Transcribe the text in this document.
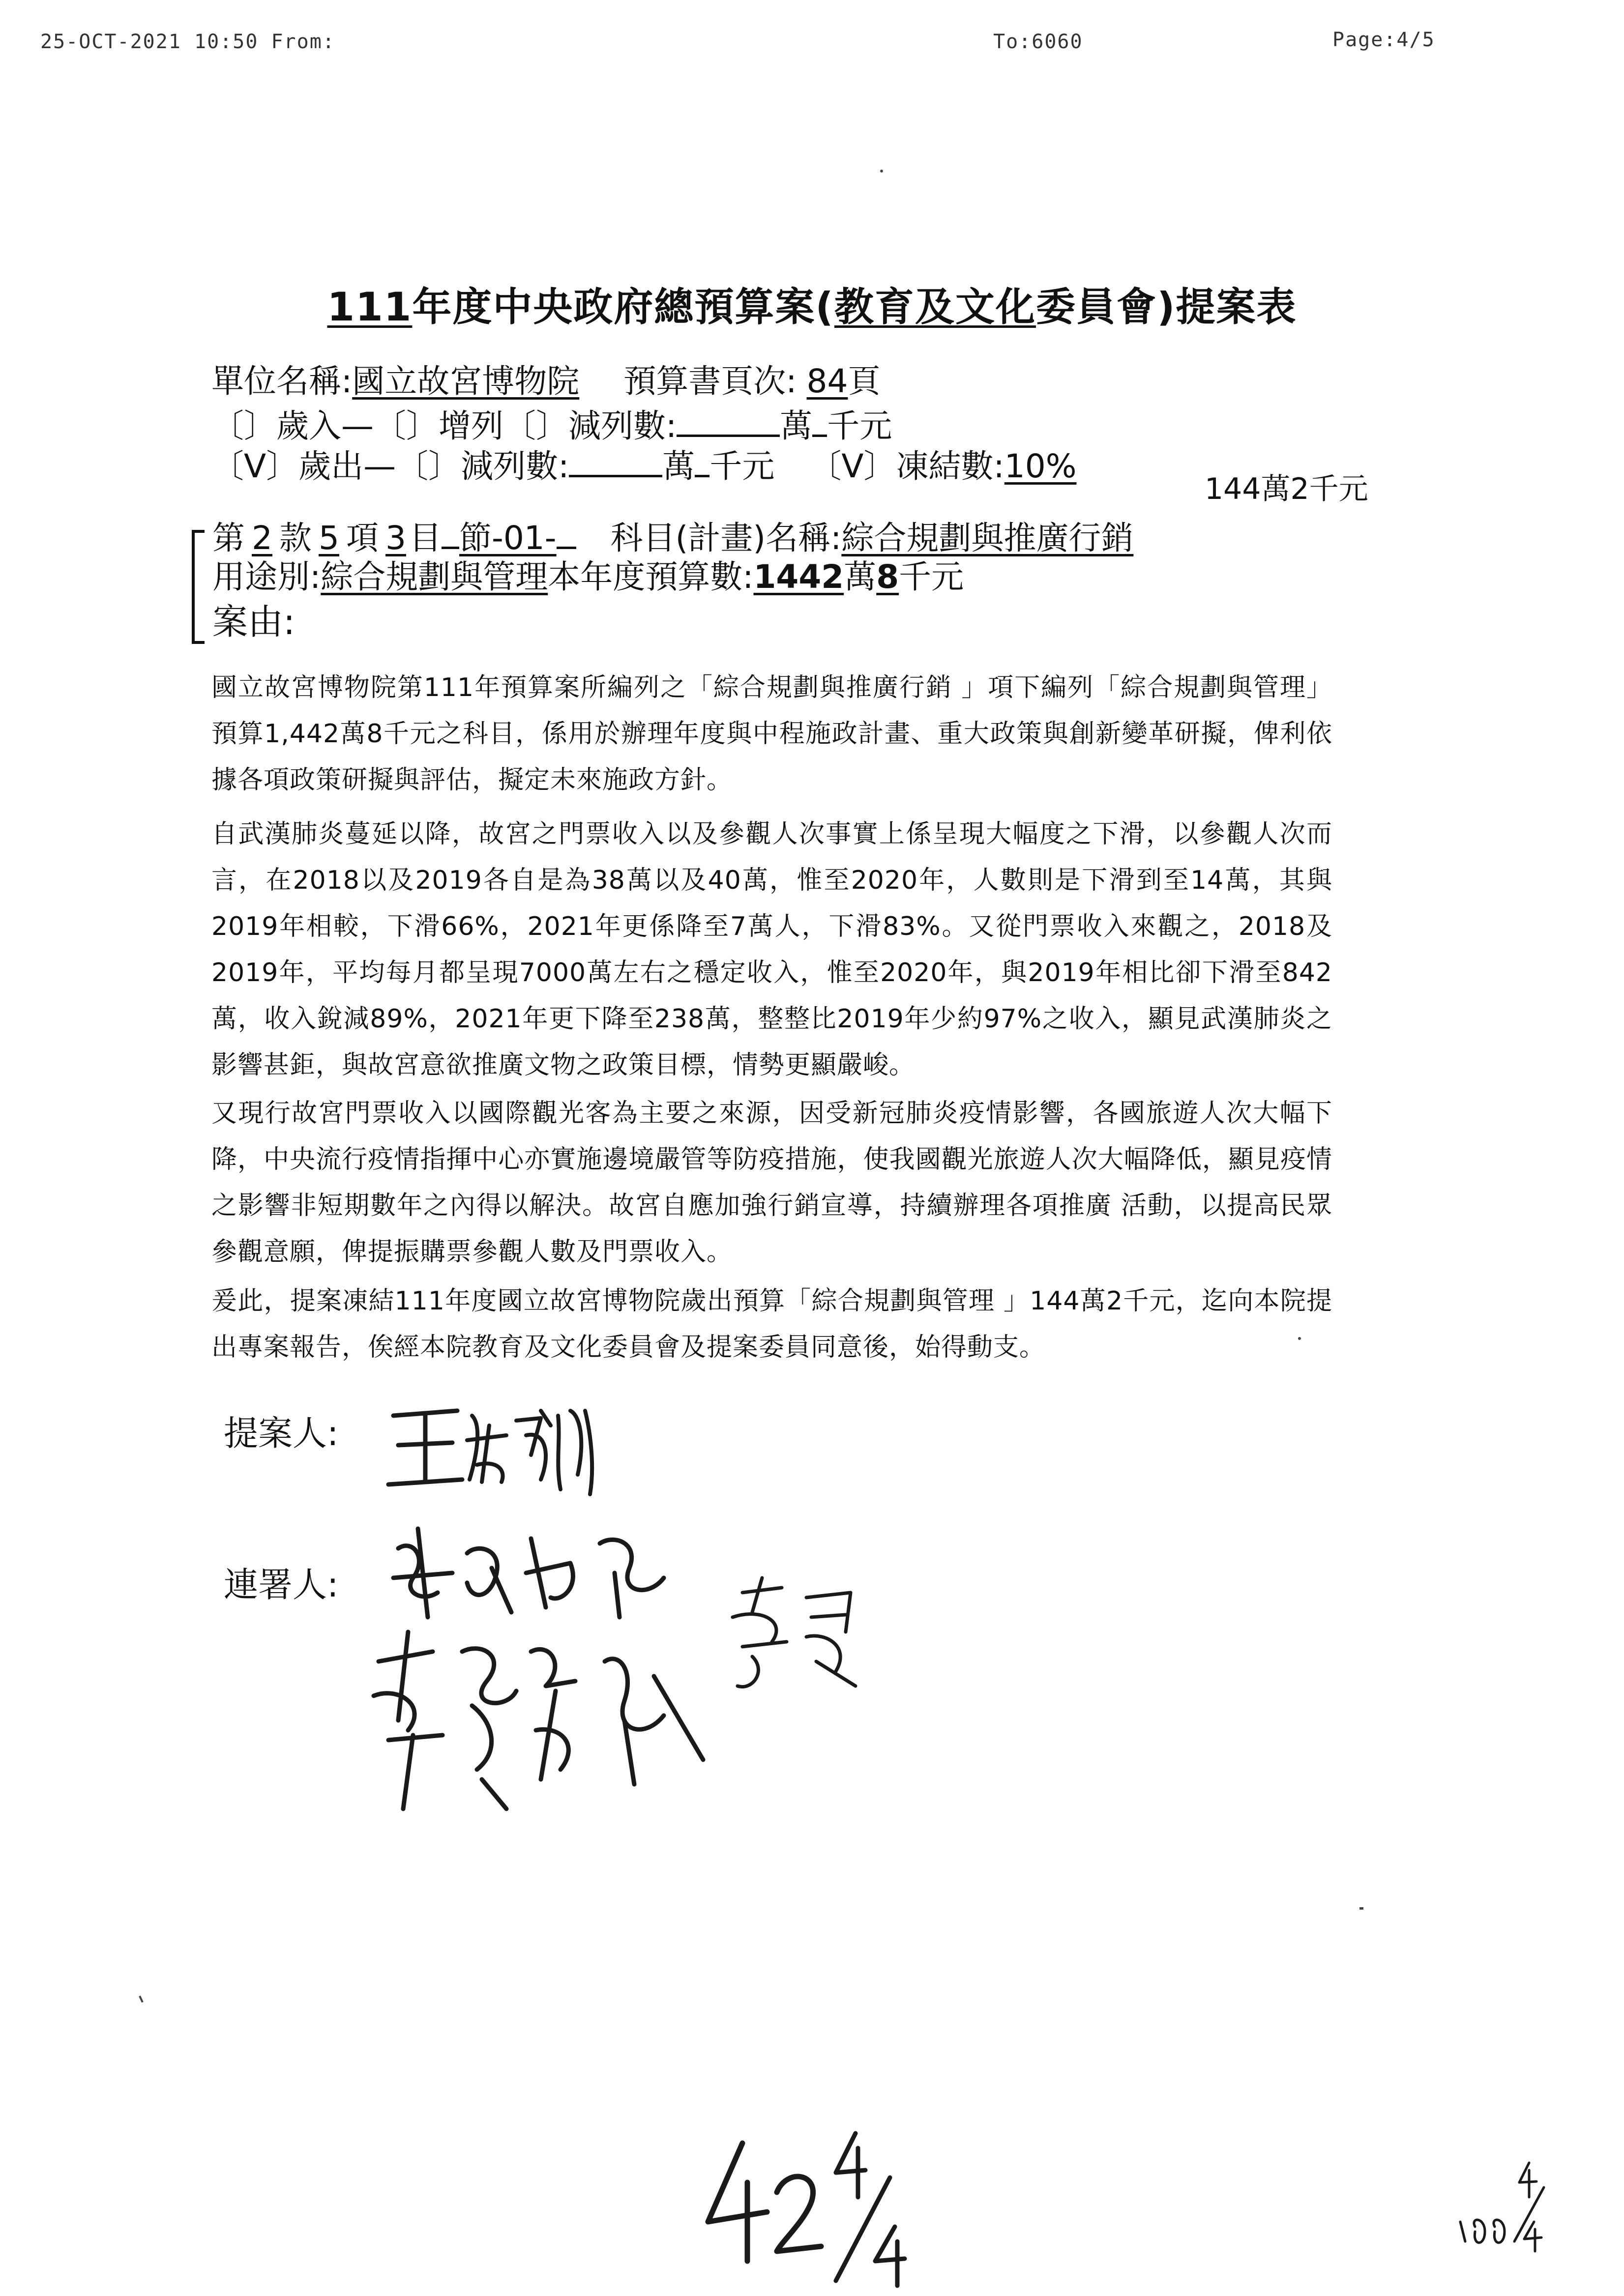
25-OCT-2021 10:50 From:	To:6060	Page:4/5
111年度中央政府總預算案(教育及文化委員會)提案表
單位名稱:國立故宮博物院 預算書頁次: 84頁
〔〕歲入—〔〕增列〔〕減列數:	萬 千元
〔V〕歲出—〔〕減列數:	萬 千元 〔V〕凍結數:10%
144萬2千元
第 2 款 5 項 3目 節-01- 科目(計畫)名稱:綜合規劃與推廣行銷
用途別:綜合規劃與管理本年度預算數:1442萬8千元
案由:
國立故宮博物院第111年預算案所編列之「綜合規劃與推廣行銷 」項下編列「綜合規劃與管理」預算1,442萬8千元之科目，係用於辦理年度與中程施政計畫、重大政策與創新變革研擬，俾利依據各項政策研擬與評估，擬定未來施政方針。
自武漢肺炎蔓延以降，故宮之門票收入以及參觀人次事實上係呈現大幅度之下滑，以參觀人次而言，在2018以及2019各自是為38萬以及40萬，惟至2020年，人數則是下滑到至14萬，其與2019年相較，下滑66%，2021年更係降至7萬人，下滑83%。又從門票收入來觀之，2018及2019年，平均每月都呈現7000萬左右之穩定收入，惟至2020年，與2019年相比卻下滑至842萬，收入銳減89%，2021年更下降至238萬，整整比2019年少約97%之收入，顯見武漢肺炎之影響甚鉅，與故宮意欲推廣文物之政策目標，情勢更顯嚴峻。
又現行故宮門票收入以國際觀光客為主要之來源，因受新冠肺炎疫情影響，各國旅遊人次大幅下降，中央流行疫情指揮中心亦實施邊境嚴管等防疫措施，使我國觀光旅遊人次大幅降低，顯見疫情之影響非短期數年之內得以解決。故宮自應加強行銷宣導，持續辦理各項推廣 活動，以提高民眾參觀意願，俾提振購票參觀人數及門票收入。
爰此，提案凍結111年度國立故宮博物院歲出預算「綜合規劃與管理 」144萬2千元，迄向本院提出專案報告，俟經本院教育及文化委員會及提案委員同意後，始得動支。
提案人:
連署人:
